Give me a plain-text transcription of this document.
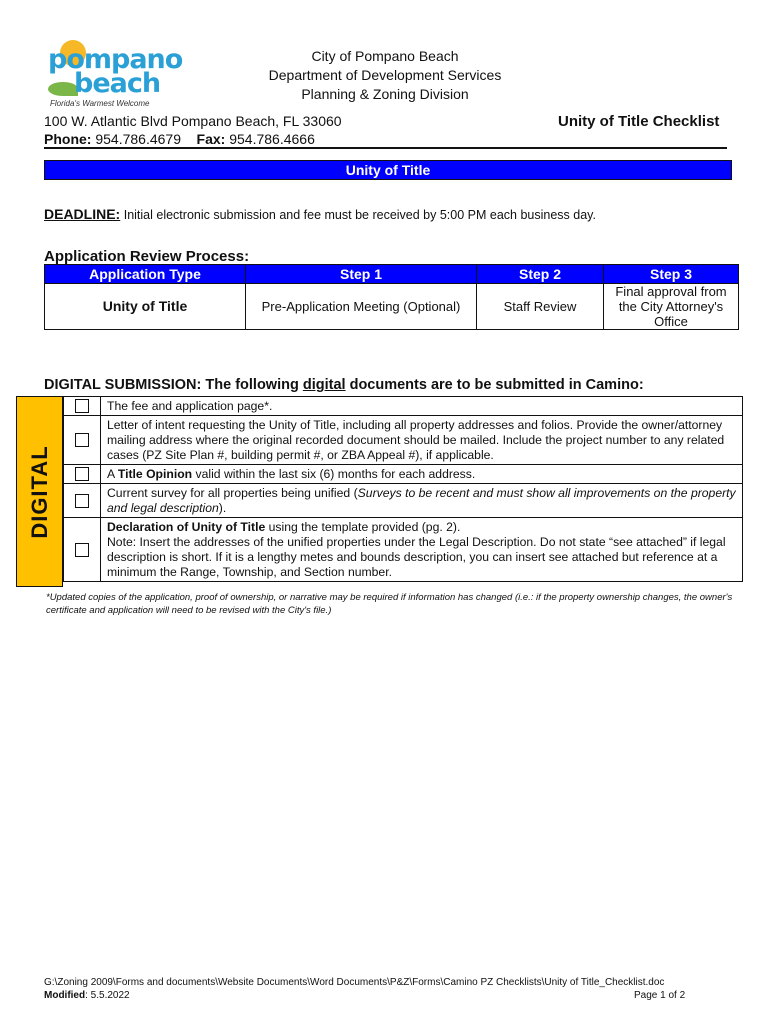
pompano
beach
Florida's Warmest Welcome
City of Pompano Beach
Department of Development Services
Planning & Zoning Division
100 W. Atlantic Blvd Pompano Beach, FL 33060
Phone: 954.786.4679 Fax: 954.786.4666
Unity of Title Checklist
Unity of Title
DEADLINE: Initial electronic submission and fee must be received by 5:00 PM each business day.
Application Review Process:
Application Type	Step 1	Step 2	Step 3
Unity of Title	Pre-Application Meeting (Optional)	Staff Review	Final approval from the City Attorney's Office
DIGITAL SUBMISSION: The following digital documents are to be submitted in Camino:
DIGITAL
The fee and application page*.
Letter of intent requesting the Unity of Title, including all property addresses and folios. Provide the owner/attorney mailing address where the original recorded document should be mailed. Include the project number to any related cases (PZ Site Plan #, building permit #, or ZBA Appeal #), if applicable.
A Title Opinion valid within the last six (6) months for each address.
Current survey for all properties being unified (Surveys to be recent and must show all improvements on the property and legal description).
Declaration of Unity of Title using the template provided (pg. 2).
Note: Insert the addresses of the unified properties under the Legal Description. Do not state “see attached” if legal description is short. If it is a lengthy metes and bounds description, you can insert see attached but reference at a minimum the Range, Township, and Section number.
*Updated copies of the application, proof of ownership, or narrative may be required if information has changed (i.e.: if the property ownership changes, the owner's certificate and application will need to be revised with the City's file.)
G:\Zoning 2009\Forms and documents\Website Documents\Word Documents\P&Z\Forms\Camino PZ Checklists\Unity of Title_Checklist.doc
Modified: 5.5.2022	Page 1 of 2
